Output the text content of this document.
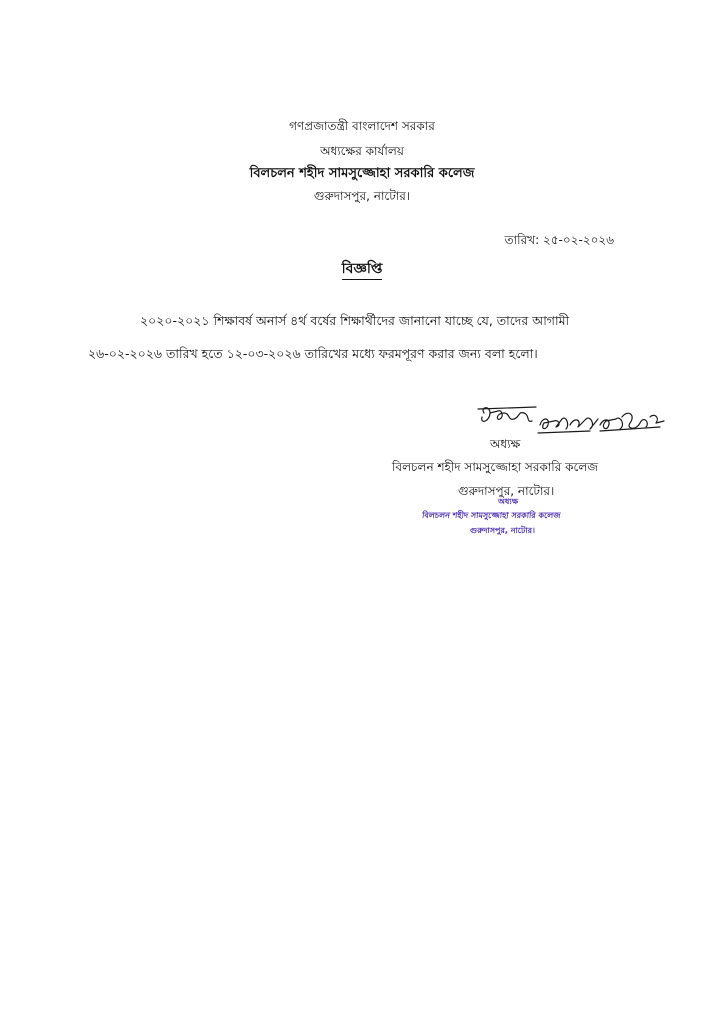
গণপ্রজাতন্ত্রী বাংলাদেশ সরকার
অধ্যক্ষের কার্যালয়
বিলচলন শহীদ সামসুজ্জোহা সরকারি কলেজ
গুরুদাসপুর, নাটোর।
তারিখ: ২৫-০২-২০২৬
বিজ্ঞপ্তি
২০২০-২০২১ শিক্ষাবর্ষ অনার্স ৪র্থ বর্ষের শিক্ষার্থীদের জানানো যাচ্ছে যে, তাদের আগামী
২৬-০২-২০২৬ তারিখ হতে ১২-০৩-২০২৬ তারিখের মধ্যে ফরমপূরণ করার জন্য বলা হলো।
অধ্যক্ষ
বিলচলন শহীদ সামসুজ্জোহা সরকারি কলেজ
গুরুদাসপুর, নাটোর।
অধ্যক্ষ
বিলচলন শহীদ সামসুজ্জোহা সরকারি কলেজ
গুরুদাসপুর, নাটোর।
